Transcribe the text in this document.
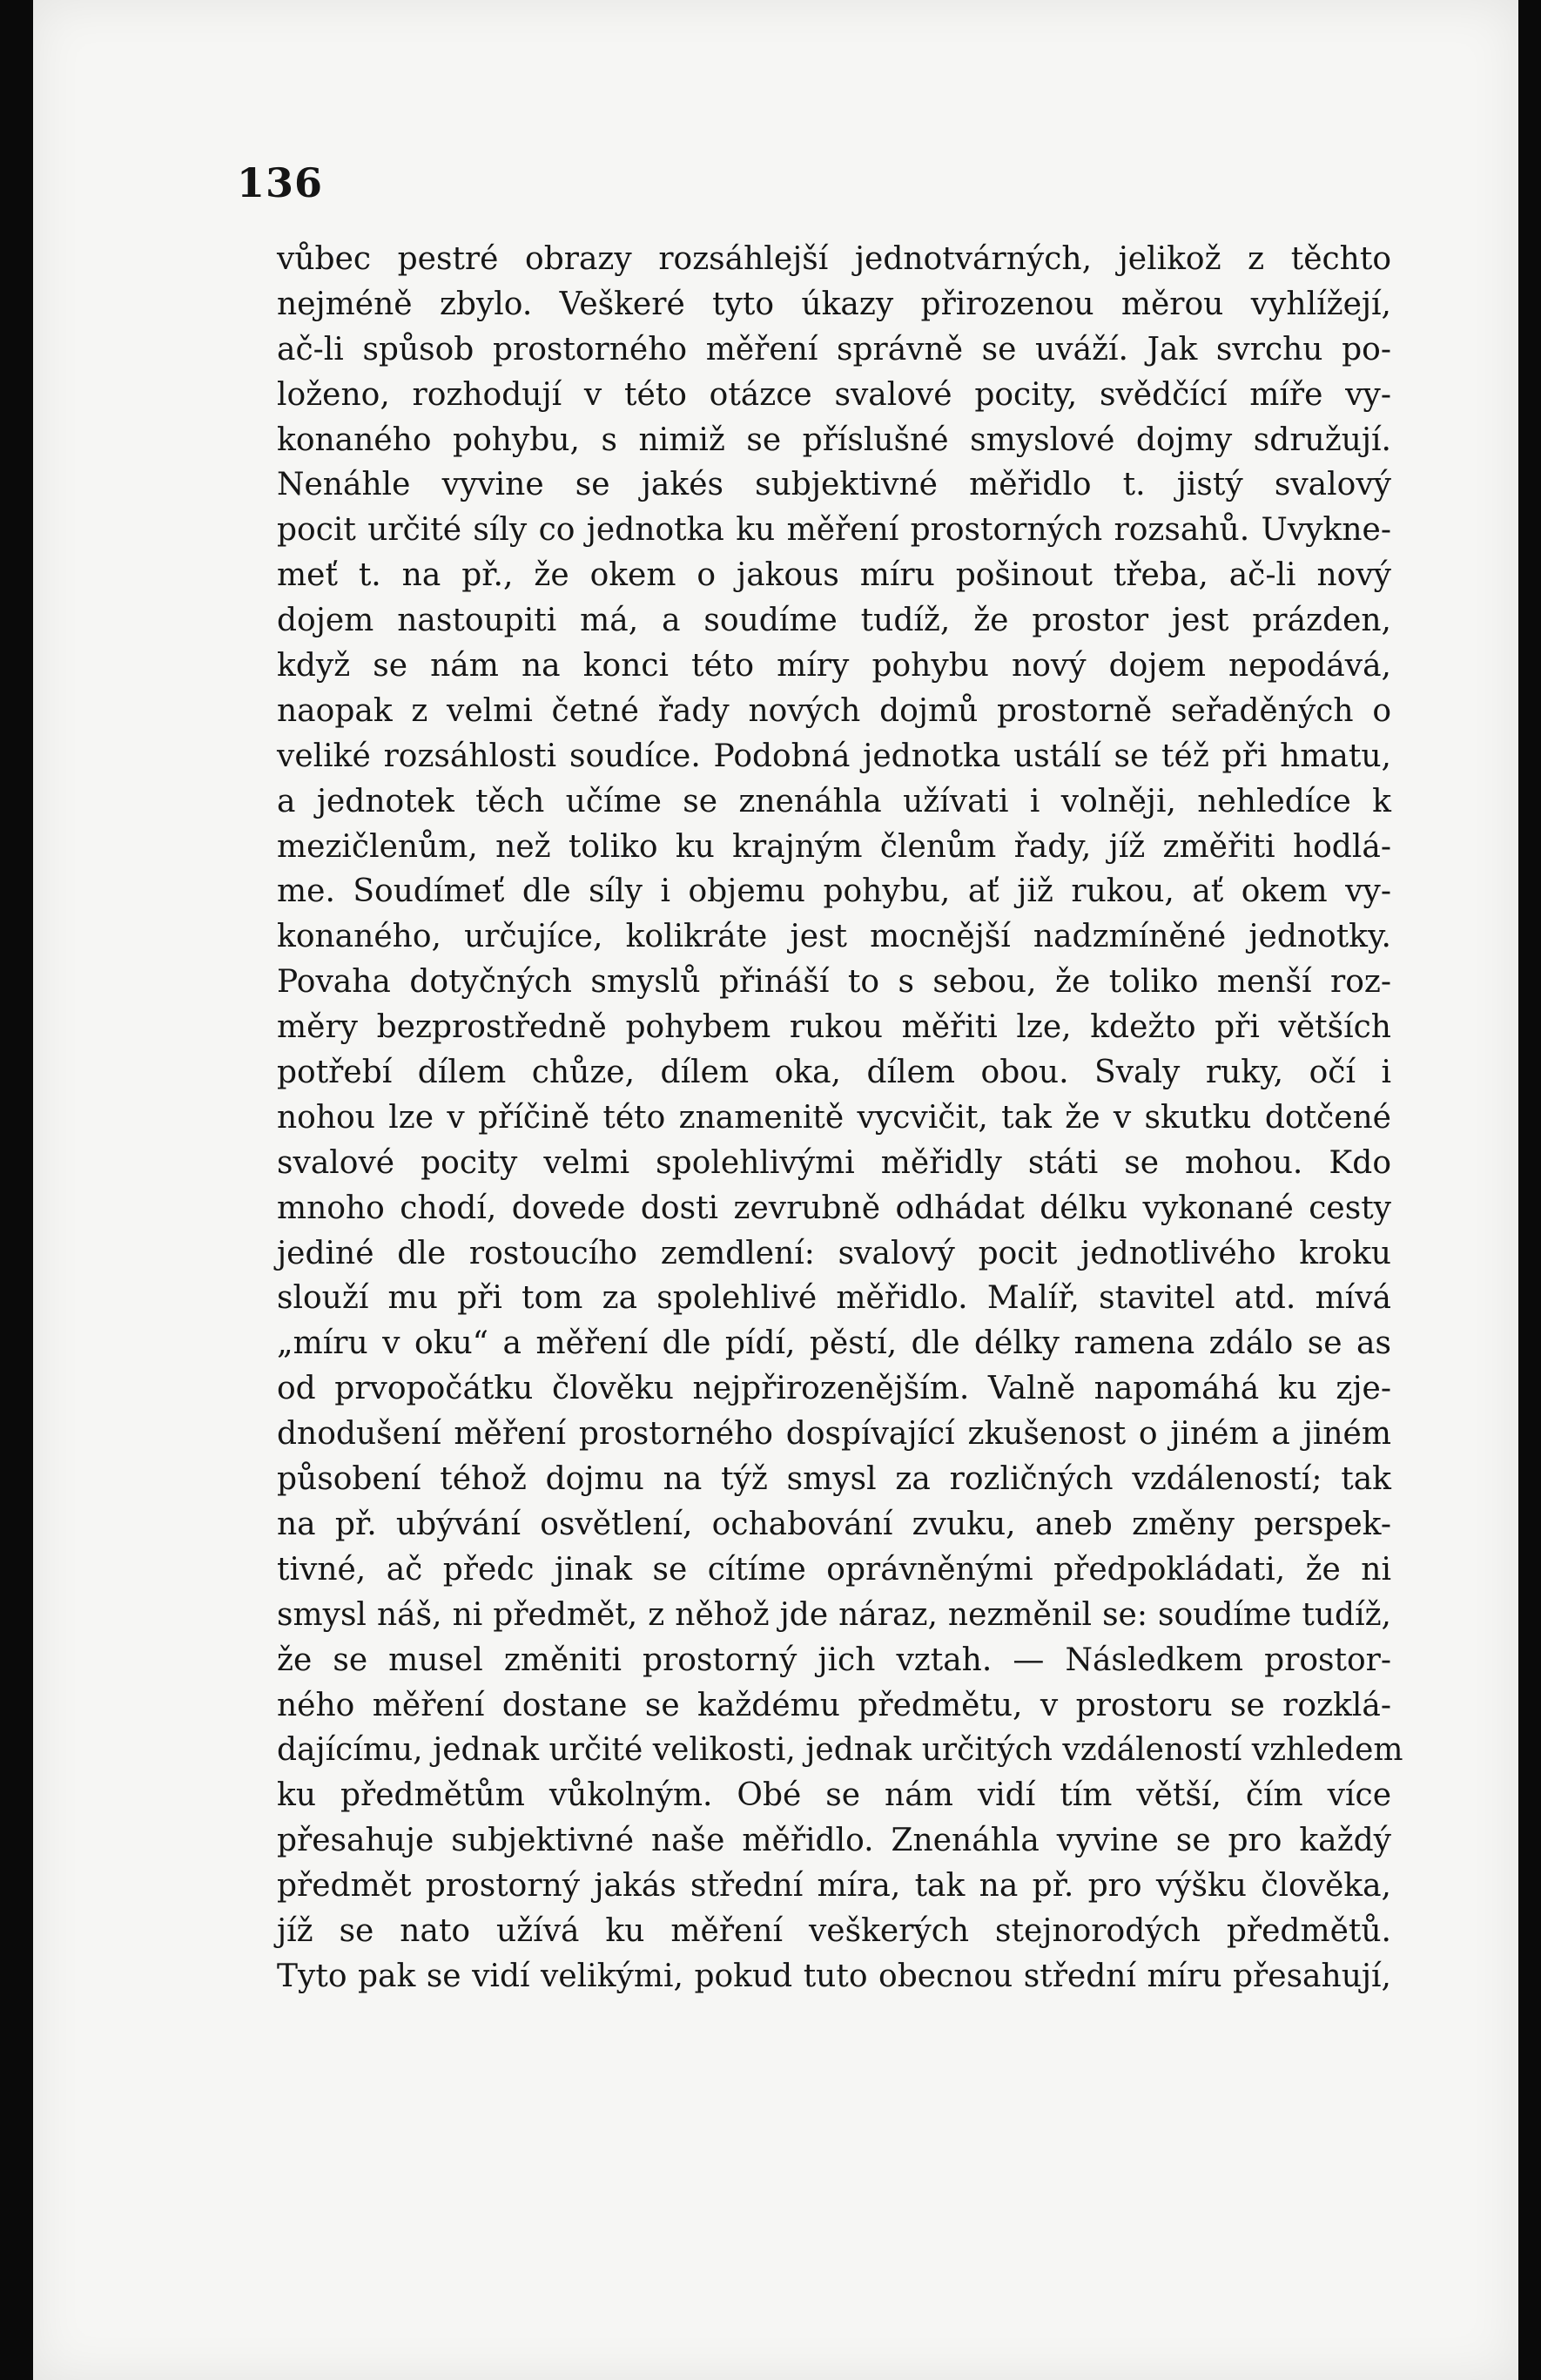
136
vůbec pestré obrazy rozsáhlejší jednotvárných, jelikož z těchto
nejméně zbylo. Veškeré tyto úkazy přirozenou měrou vyhlížejí,
ač-li spůsob prostorného měření správně se uváží. Jak svrchu po-
loženo, rozhodují v této otázce svalové pocity, svědčící míře vy-
konaného pohybu, s nimiž se příslušné smyslové dojmy sdružují.
Nenáhle vyvine se jakés subjektivné měřidlo t. jistý svalový
pocit určité síly co jednotka ku měření prostorných rozsahů. Uvykne-
meť t. na př., že okem o jakous míru pošinout třeba, ač-li nový
dojem nastoupiti má, a soudíme tudíž, že prostor jest prázden,
když se nám na konci této míry pohybu nový dojem nepodává,
naopak z velmi četné řady nových dojmů prostorně seřaděných o
veliké rozsáhlosti soudíce. Podobná jednotka ustálí se též při hmatu,
a jednotek těch učíme se znenáhla užívati i volněji, nehledíce k
mezičlenům, než toliko ku krajným členům řady, jíž změřiti hodlá-
me. Soudímeť dle síly i objemu pohybu, ať již rukou, ať okem vy-
konaného, určujíce, kolikráte jest mocnější nadzmíněné jednotky.
Povaha dotyčných smyslů přináší to s sebou, že toliko menší roz-
měry bezprostředně pohybem rukou měřiti lze, kdežto při větších
potřebí dílem chůze, dílem oka, dílem obou. Svaly ruky, očí i
nohou lze v příčině této znamenitě vycvičit, tak že v skutku dotčené
svalové pocity velmi spolehlivými měřidly státi se mohou. Kdo
mnoho chodí, dovede dosti zevrubně odhádat délku vykonané cesty
jediné dle rostoucího zemdlení: svalový pocit jednotlivého kroku
slouží mu při tom za spolehlivé měřidlo. Malíř, stavitel atd. mívá
„míru v oku“ a měření dle pídí, pěstí, dle délky ramena zdálo se as
od prvopočátku člověku nejpřirozenějším. Valně napomáhá ku zje-
dnodušení měření prostorného dospívající zkušenost o jiném a jiném
působení téhož dojmu na týž smysl za rozličných vzdáleností; tak
na př. ubývání osvětlení, ochabování zvuku, aneb změny perspek-
tivné, ač předc jinak se cítíme oprávněnými předpokládati, že ni
smysl náš, ni předmět, z něhož jde náraz, nezměnil se: soudíme tudíž,
že se musel změniti prostorný jich vztah. — Následkem prostor-
ného měření dostane se každému předmětu, v prostoru se rozklá-
dajícímu, jednak určité velikosti, jednak určitých vzdáleností vzhledem
ku předmětům vůkolným. Obé se nám vidí tím větší, čím více
přesahuje subjektivné naše měřidlo. Znenáhla vyvine se pro každý
předmět prostorný jakás střední míra, tak na př. pro výšku člověka,
jíž se nato užívá ku měření veškerých stejnorodých předmětů.
Tyto pak se vidí velikými, pokud tuto obecnou střední míru přesahují,
